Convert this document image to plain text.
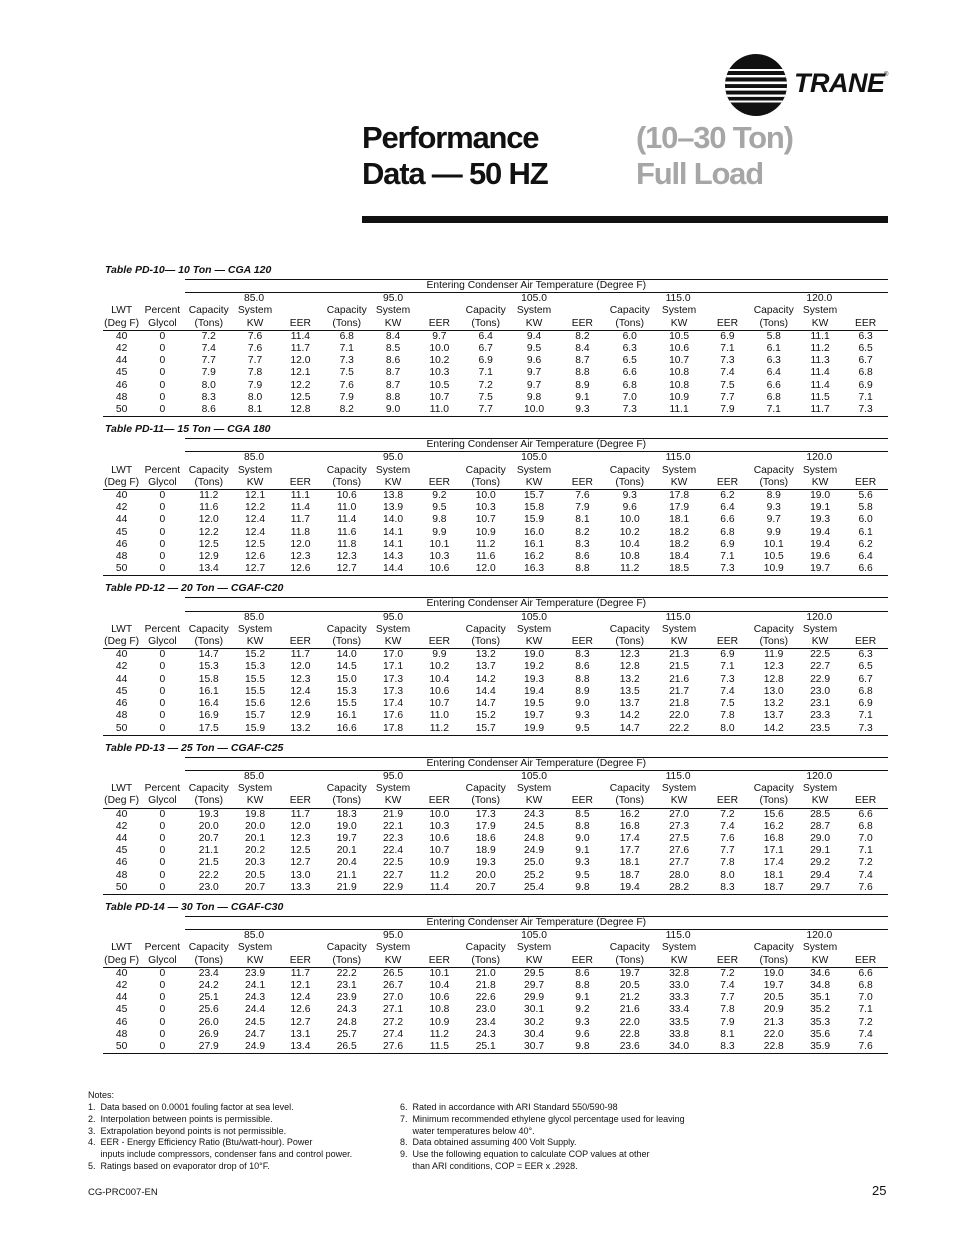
TRANE ®
Performance
Data — 50 HZ
(10–30 Ton)
Full Load
Table PD-10— 10 Ton — CGA 120
		Entering Condenser Air Temperature (Degree F)														
		85.0			95.0			105.0			115.0			120.0		
LWT	Percent	Capacity	System		Capacity	System		Capacity	System		Capacity	System		Capacity	System	
(Deg F)	Glycol	(Tons)	KW	EER	(Tons)	KW	EER	(Tons)	KW	EER	(Tons)	KW	EER	(Tons)	KW	EER
40	0	7.2	7.6	11.4	6.8	8.4	9.7	6.4	9.4	8.2	6.0	10.5	6.9	5.8	11.1	6.3
42	0	7.4	7.6	11.7	7.1	8.5	10.0	6.7	9.5	8.4	6.3	10.6	7.1	6.1	11.2	6.5
44	0	7.7	7.7	12.0	7.3	8.6	10.2	6.9	9.6	8.7	6.5	10.7	7.3	6.3	11.3	6.7
45	0	7.9	7.8	12.1	7.5	8.7	10.3	7.1	9.7	8.8	6.6	10.8	7.4	6.4	11.4	6.8
46	0	8.0	7.9	12.2	7.6	8.7	10.5	7.2	9.7	8.9	6.8	10.8	7.5	6.6	11.4	6.9
48	0	8.3	8.0	12.5	7.9	8.8	10.7	7.5	9.8	9.1	7.0	10.9	7.7	6.8	11.5	7.1
50	0	8.6	8.1	12.8	8.2	9.0	11.0	7.7	10.0	9.3	7.3	11.1	7.9	7.1	11.7	7.3
Table PD-11— 15 Ton — CGA 180
		Entering Condenser Air Temperature (Degree F)														
		85.0			95.0			105.0			115.0			120.0		
LWT	Percent	Capacity	System		Capacity	System		Capacity	System		Capacity	System		Capacity	System	
(Deg F)	Glycol	(Tons)	KW	EER	(Tons)	KW	EER	(Tons)	KW	EER	(Tons)	KW	EER	(Tons)	KW	EER
40	0	11.2	12.1	11.1	10.6	13.8	9.2	10.0	15.7	7.6	9.3	17.8	6.2	8.9	19.0	5.6
42	0	11.6	12.2	11.4	11.0	13.9	9.5	10.3	15.8	7.9	9.6	17.9	6.4	9.3	19.1	5.8
44	0	12.0	12.4	11.7	11.4	14.0	9.8	10.7	15.9	8.1	10.0	18.1	6.6	9.7	19.3	6.0
45	0	12.2	12.4	11.8	11.6	14.1	9.9	10.9	16.0	8.2	10.2	18.2	6.8	9.9	19.4	6.1
46	0	12.5	12.5	12.0	11.8	14.1	10.1	11.2	16.1	8.3	10.4	18.2	6.9	10.1	19.4	6.2
48	0	12.9	12.6	12.3	12.3	14.3	10.3	11.6	16.2	8.6	10.8	18.4	7.1	10.5	19.6	6.4
50	0	13.4	12.7	12.6	12.7	14.4	10.6	12.0	16.3	8.8	11.2	18.5	7.3	10.9	19.7	6.6
Table PD-12 — 20 Ton — CGAF-C20
		Entering Condenser Air Temperature (Degree F)														
		85.0			95.0			105.0			115.0			120.0		
LWT	Percent	Capacity	System		Capacity	System		Capacity	System		Capacity	System		Capacity	System	
(Deg F)	Glycol	(Tons)	KW	EER	(Tons)	KW	EER	(Tons)	KW	EER	(Tons)	KW	EER	(Tons)	KW	EER
40	0	14.7	15.2	11.7	14.0	17.0	9.9	13.2	19.0	8.3	12.3	21.3	6.9	11.9	22.5	6.3
42	0	15.3	15.3	12.0	14.5	17.1	10.2	13.7	19.2	8.6	12.8	21.5	7.1	12.3	22.7	6.5
44	0	15.8	15.5	12.3	15.0	17.3	10.4	14.2	19.3	8.8	13.2	21.6	7.3	12.8	22.9	6.7
45	0	16.1	15.5	12.4	15.3	17.3	10.6	14.4	19.4	8.9	13.5	21.7	7.4	13.0	23.0	6.8
46	0	16.4	15.6	12.6	15.5	17.4	10.7	14.7	19.5	9.0	13.7	21.8	7.5	13.2	23.1	6.9
48	0	16.9	15.7	12.9	16.1	17.6	11.0	15.2	19.7	9.3	14.2	22.0	7.8	13.7	23.3	7.1
50	0	17.5	15.9	13.2	16.6	17.8	11.2	15.7	19.9	9.5	14.7	22.2	8.0	14.2	23.5	7.3
Table PD-13 — 25 Ton — CGAF-C25
		Entering Condenser Air Temperature (Degree F)														
		85.0			95.0			105.0			115.0			120.0		
LWT	Percent	Capacity	System		Capacity	System		Capacity	System		Capacity	System		Capacity	System	
(Deg F)	Glycol	(Tons)	KW	EER	(Tons)	KW	EER	(Tons)	KW	EER	(Tons)	KW	EER	(Tons)	KW	EER
40	0	19.3	19.8	11.7	18.3	21.9	10.0	17.3	24.3	8.5	16.2	27.0	7.2	15.6	28.5	6.6
42	0	20.0	20.0	12.0	19.0	22.1	10.3	17.9	24.5	8.8	16.8	27.3	7.4	16.2	28.7	6.8
44	0	20.7	20.1	12.3	19.7	22.3	10.6	18.6	24.8	9.0	17.4	27.5	7.6	16.8	29.0	7.0
45	0	21.1	20.2	12.5	20.1	22.4	10.7	18.9	24.9	9.1	17.7	27.6	7.7	17.1	29.1	7.1
46	0	21.5	20.3	12.7	20.4	22.5	10.9	19.3	25.0	9.3	18.1	27.7	7.8	17.4	29.2	7.2
48	0	22.2	20.5	13.0	21.1	22.7	11.2	20.0	25.2	9.5	18.7	28.0	8.0	18.1	29.4	7.4
50	0	23.0	20.7	13.3	21.9	22.9	11.4	20.7	25.4	9.8	19.4	28.2	8.3	18.7	29.7	7.6
Table PD-14 — 30 Ton — CGAF-C30
		Entering Condenser Air Temperature (Degree F)														
		85.0			95.0			105.0			115.0			120.0		
LWT	Percent	Capacity	System		Capacity	System		Capacity	System		Capacity	System		Capacity	System	
(Deg F)	Glycol	(Tons)	KW	EER	(Tons)	KW	EER	(Tons)	KW	EER	(Tons)	KW	EER	(Tons)	KW	EER
40	0	23.4	23.9	11.7	22.2	26.5	10.1	21.0	29.5	8.6	19.7	32.8	7.2	19.0	34.6	6.6
42	0	24.2	24.1	12.1	23.1	26.7	10.4	21.8	29.7	8.8	20.5	33.0	7.4	19.7	34.8	6.8
44	0	25.1	24.3	12.4	23.9	27.0	10.6	22.6	29.9	9.1	21.2	33.3	7.7	20.5	35.1	7.0
45	0	25.6	24.4	12.6	24.3	27.1	10.8	23.0	30.1	9.2	21.6	33.4	7.8	20.9	35.2	7.1
46	0	26.0	24.5	12.7	24.8	27.2	10.9	23.4	30.2	9.3	22.0	33.5	7.9	21.3	35.3	7.2
48	0	26.9	24.7	13.1	25.7	27.4	11.2	24.3	30.4	9.6	22.8	33.8	8.1	22.0	35.6	7.4
50	0	27.9	24.9	13.4	26.5	27.6	11.5	25.1	30.7	9.8	23.6	34.0	8.3	22.8	35.9	7.6
Notes:
1.  Data based on 0.0001 fouling factor at sea level.
2.  Interpolation between points is permissible.
3.  Extrapolation beyond points is not permissible.
4.  EER - Energy Efficiency Ratio (Btu/watt-hour). Power
inputs include compressors, condenser fans and control power.
5.  Ratings based on evaporator drop of 10°F.
6.  Rated in accordance with ARI Standard 550/590-98
7.  Minimum recommended ethylene glycol percentage used for leaving
water temperatures below 40°.
8.  Data obtained assuming 400 Volt Supply.
9.  Use the following equation to calculate COP values at other
than ARI conditions, COP = EER x .2928.
CG-PRC007-EN	25
